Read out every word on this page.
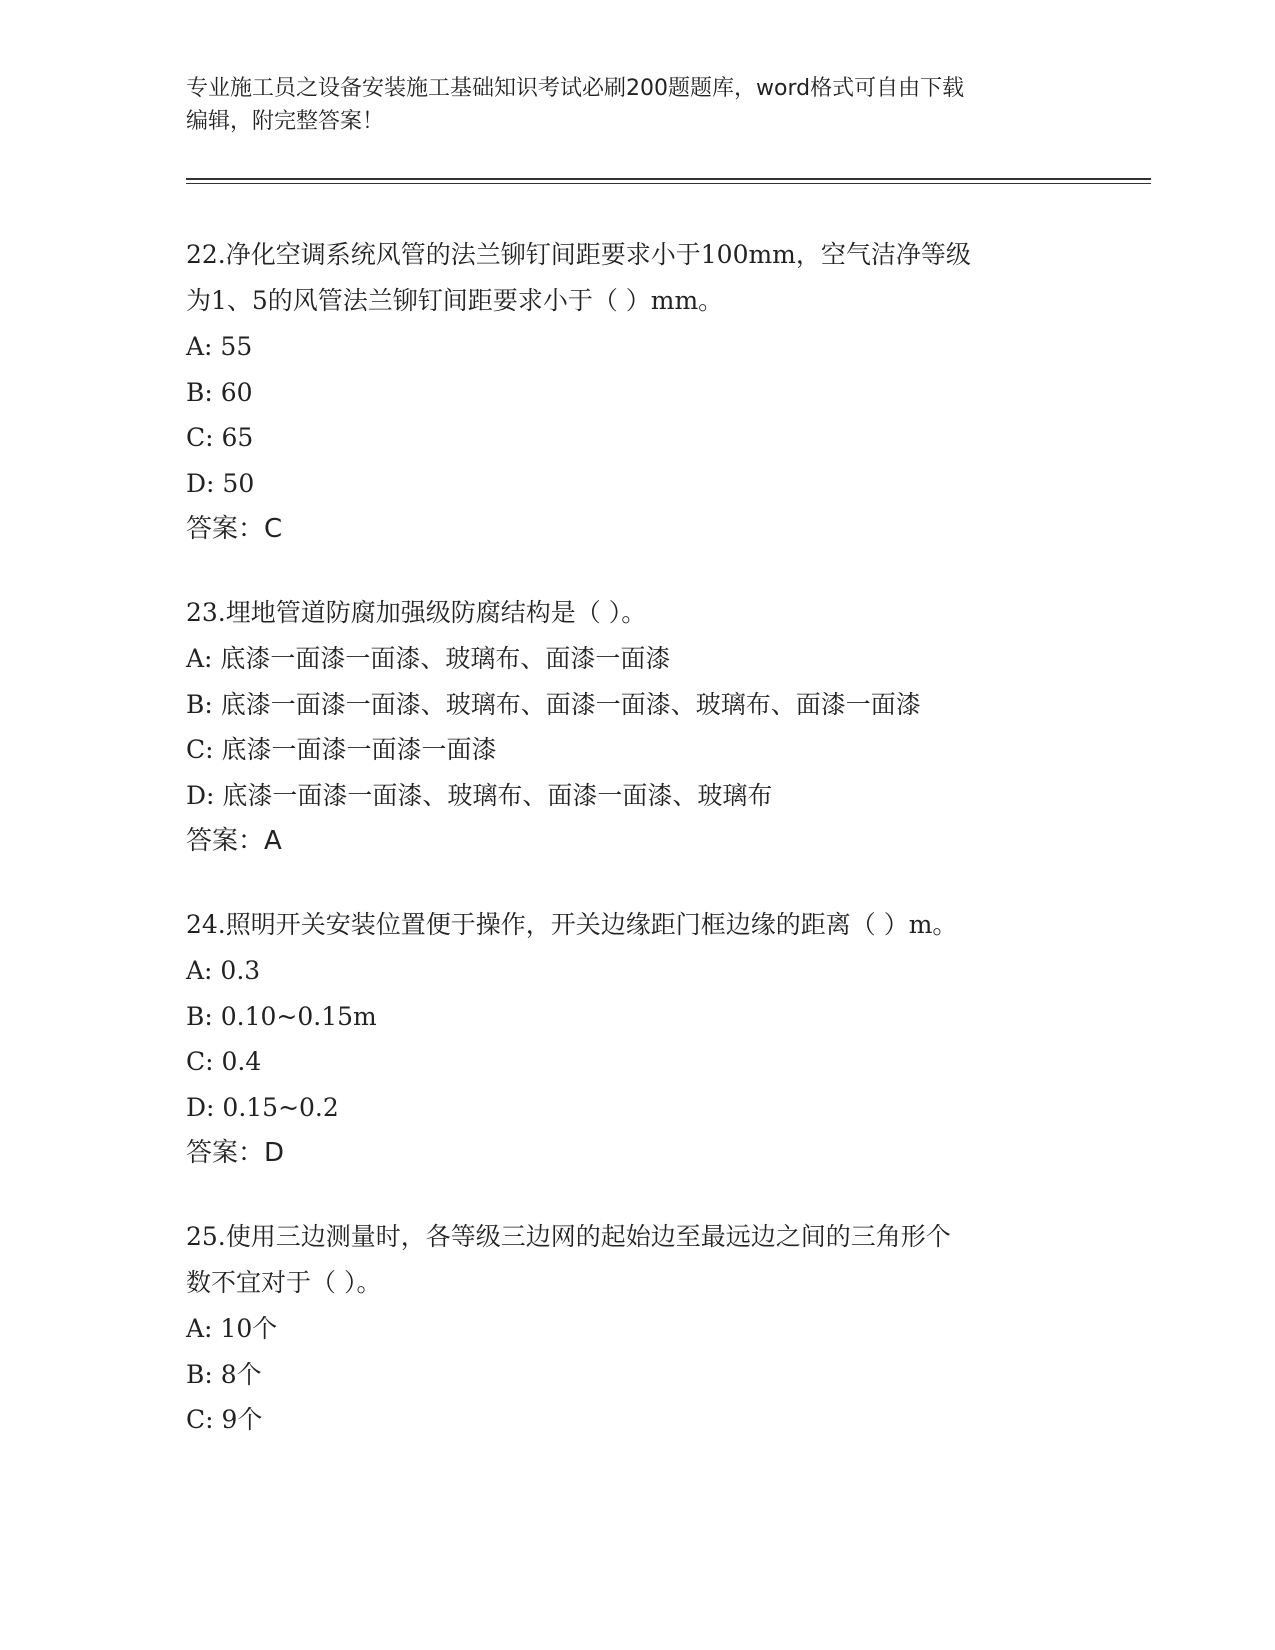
专业施工员之设备安装施工基础知识考试必刷200题题库，word格式可自由下载
编辑，附完整答案！
22.净化空调系统风管的法兰铆钉间距要求小于100mm，空气洁净等级
为1、5的风管法兰铆钉间距要求小于（ ）mm。
A: 55
B: 60
C: 65
D: 50
答案：C
23.埋地管道防腐加强级防腐结构是（ ）。
A: 底漆一面漆一面漆、玻璃布、面漆一面漆
B: 底漆一面漆一面漆、玻璃布、面漆一面漆、玻璃布、面漆一面漆
C: 底漆一面漆一面漆一面漆
D: 底漆一面漆一面漆、玻璃布、面漆一面漆、玻璃布
答案：A
24.照明开关安装位置便于操作，开关边缘距门框边缘的距离（ ）m。
A: 0.3
B: 0.10~0.15m
C: 0.4
D: 0.15~0.2
答案：D
25.使用三边测量时，各等级三边网的起始边至最远边之间的三角形个
数不宜对于（ ）。
A: 10个
B: 8个
C: 9个
